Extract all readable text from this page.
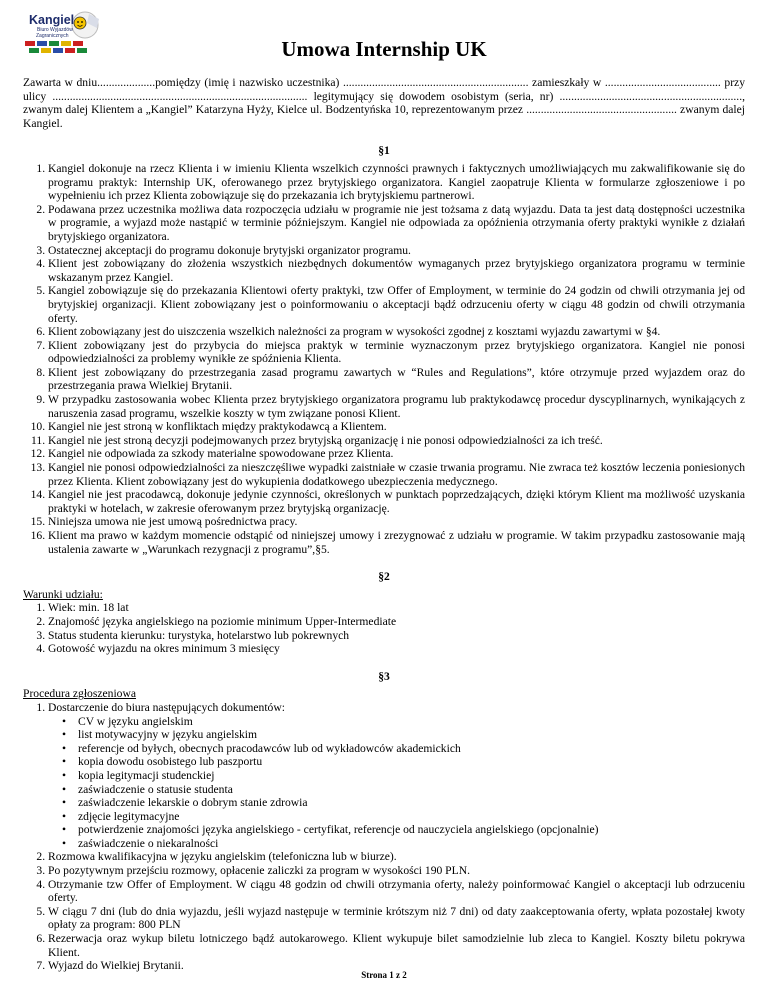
Kangiel
Biuro Wyjazdów
Zagranicznych
Umowa Internship UK
Zawarta w dniu....................pomiędzy (imię i nazwisko uczestnika) ................................................................ zamieszkały w ........................................ przy ulicy ........................................................................................ legitymujący się dowodem osobistym (seria, nr) ..............................................................., zwanym dalej Klientem a „Kangiel” Katarzyna Hyży, Kielce ul. Bodzentyńska 10, reprezentowanym przez .................................................... zwanym dalej Kangiel.
§1
1. Kangiel dokonuje na rzecz Klienta i w imieniu Klienta wszelkich czynności prawnych i faktycznych umożliwiających mu zakwalifikowanie się do programu praktyk: Internship UK, oferowanego przez brytyjskiego organizatora. Kangiel zaopatruje Klienta w formularze zgłoszeniowe i po wypełnieniu ich przez Klienta zobowiązuje się do przekazania ich brytyjskiemu partnerowi.
2. Podawana przez uczestnika możliwa data rozpoczęcia udziału w programie nie jest tożsama z datą wyjazdu. Data ta jest datą dostępności uczestnika w programie, a wyjazd może nastąpić w terminie późniejszym. Kangiel nie odpowiada za opóźnienia otrzymania oferty praktyki wynikłe z działań brytyjskiego organizatora.
3. Ostatecznej akceptacji do programu dokonuje brytyjski organizator programu.
4. Klient jest zobowiązany do złożenia wszystkich niezbędnych dokumentów wymaganych przez brytyjskiego organizatora programu w terminie wskazanym przez Kangiel.
5. Kangiel zobowiązuje się do przekazania Klientowi oferty praktyki, tzw Offer of Employment, w terminie do 24 godzin od chwili otrzymania jej od brytyjskiej organizacji. Klient zobowiązany jest o poinformowaniu o akceptacji bądź odrzuceniu oferty w ciągu 48 godzin od chwili otrzymania oferty.
6. Klient zobowiązany jest do uiszczenia wszelkich należności za program w wysokości zgodnej z kosztami wyjazdu zawartymi w §4.
7. Klient zobowiązany jest do przybycia do miejsca praktyk w terminie wyznaczonym przez brytyjskiego organizatora. Kangiel nie ponosi odpowiedzialności za problemy wynikłe ze spóźnienia Klienta.
8. Klient jest zobowiązany do przestrzegania zasad programu zawartych w “Rules and Regulations”, które otrzymuje przed wyjazdem oraz do przestrzegania prawa Wielkiej Brytanii.
9. W przypadku zastosowania wobec Klienta przez brytyjskiego organizatora programu lub praktykodawcę procedur dyscyplinarnych, wynikających z naruszenia zasad programu, wszelkie koszty w tym związane ponosi Klient.
10. Kangiel nie jest stroną w konfliktach między praktykodawcą a Klientem.
11. Kangiel nie jest stroną decyzji podejmowanych przez brytyjską organizację i nie ponosi odpowiedzialności za ich treść.
12. Kangiel nie odpowiada za szkody materialne spowodowane przez Klienta.
13. Kangiel nie ponosi odpowiedzialności za nieszczęśliwe wypadki zaistniałe w czasie trwania programu. Nie zwraca też kosztów leczenia poniesionych przez Klienta. Klient zobowiązany jest do wykupienia dodatkowego ubezpieczenia medycznego.
14. Kangiel nie jest pracodawcą, dokonuje jedynie czynności, określonych w punktach poprzedzających, dzięki którym Klient ma możliwość uzyskania praktyki w hotelach, w zakresie oferowanym przez brytyjską organizację.
15. Niniejsza umowa nie jest umową pośrednictwa pracy.
16. Klient ma prawo w każdym momencie odstąpić od niniejszej umowy i zrezygnować z udziału w programie. W takim przypadku zastosowanie mają ustalenia zawarte w „Warunkach rezygnacji z programu”,§5.
§2
Warunki udziału:
1. Wiek: min. 18 lat
2. Znajomość języka angielskiego na poziomie minimum Upper-Intermediate
3. Status studenta kierunku: turystyka, hotelarstwo lub pokrewnych
4. Gotowość wyjazdu na okres minimum 3 miesięcy
§3
Procedura zgłoszeniowa
1. Dostarczenie do biura następujących dokumentów:
• CV w języku angielskim
• list motywacyjny w języku angielskim
• referencje od byłych, obecnych pracodawców lub od wykładowców akademickich
• kopia dowodu osobistego lub paszportu
• kopia legitymacji studenckiej
• zaświadczenie o statusie studenta
• zaświadczenie lekarskie o dobrym stanie zdrowia
• zdjęcie legitymacyjne
• potwierdzenie znajomości języka angielskiego - certyfikat, referencje od nauczyciela angielskiego (opcjonalnie)
• zaświadczenie o niekaralności
2. Rozmowa kwalifikacyjna w języku angielskim (telefoniczna lub w biurze).
3. Po pozytywnym przejściu rozmowy, opłacenie zaliczki za program w wysokości 190 PLN.
4. Otrzymanie tzw Offer of Employment. W ciągu 48 godzin od chwili otrzymania oferty, należy poinformować Kangiel o akceptacji lub odrzuceniu oferty.
5. W ciągu 7 dni (lub do dnia wyjazdu, jeśli wyjazd następuje w terminie krótszym niż 7 dni) od daty zaakceptowania oferty, wpłata pozostałej kwoty opłaty za program: 800 PLN
6. Rezerwacja oraz wykup biletu lotniczego bądź autokarowego. Klient wykupuje bilet samodzielnie lub zleca to Kangiel. Koszty biletu pokrywa Klient.
7. Wyjazd do Wielkiej Brytanii.
Strona 1 z 2
